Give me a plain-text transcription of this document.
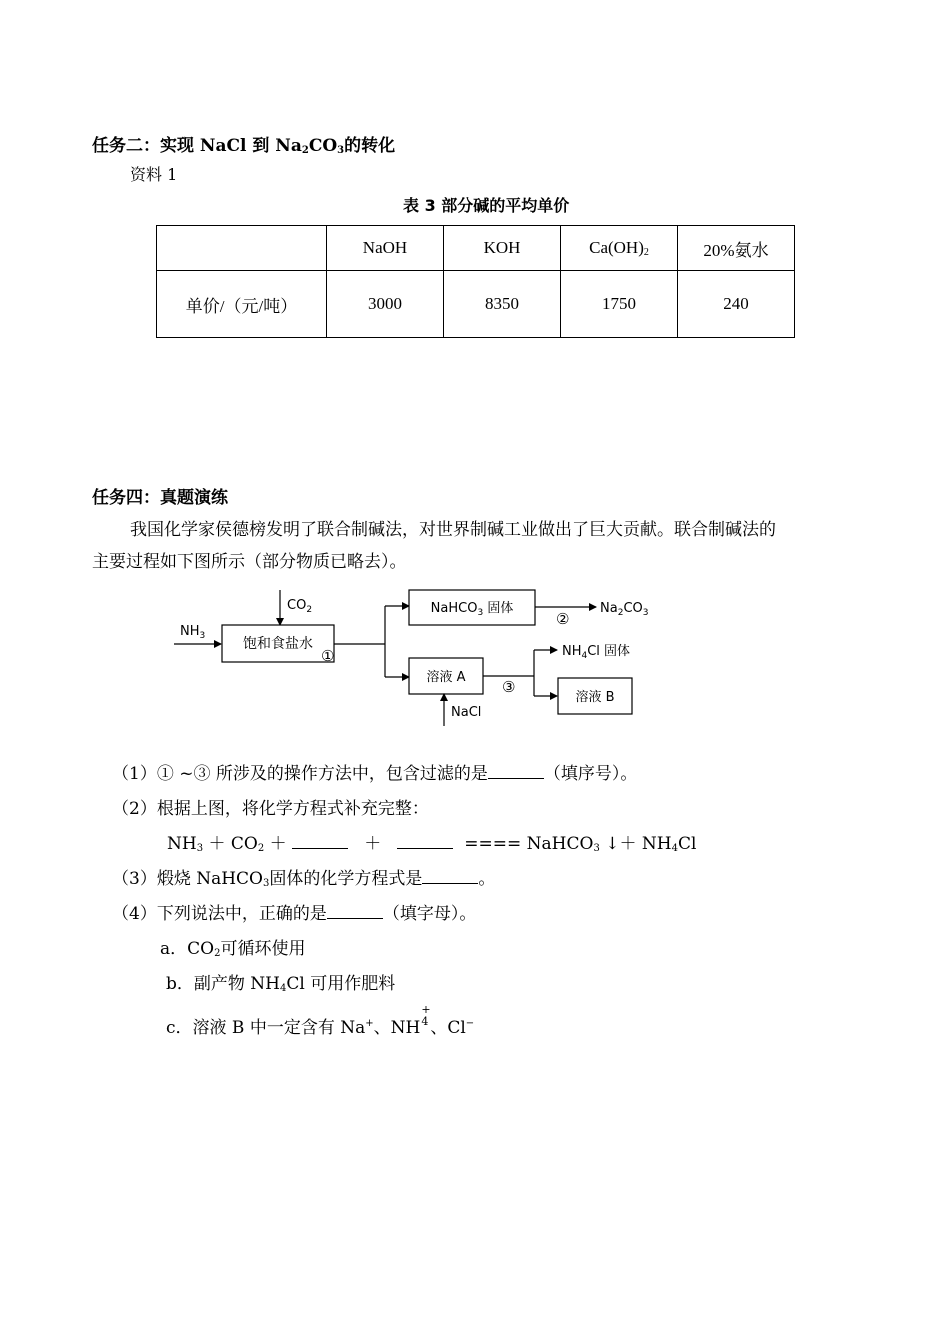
任务二：实现 NaCl 到 $Na_2CO_3$的转化
资料 1
表 3 部分碱的平均单价
	NaOH	KOH	$Ca(OH)_2$	20%氨水
单价/（元/吨）	3000	8350	1750	240
任务四：真题演练
我国化学家侯德榜发明了联合制碱法，对世界制碱工业做出了巨大贡献。联合制碱法的
主要过程如下图所示（部分物质已略去）。
$NH_3$
$CO_2$
饱和食盐水
①
NaHCO$_3$ 固体
②
$Na_2CO_3$
溶液 A
NaCl
③
$NH_4Cl$ 固体
溶液 B
（1）① ~③ 所涉及的操作方法中，包含过滤的是	（填序号）。
（2）根据上图，将化学方程式补充完整：
$NH_3 + CO_2$ ＋	＋	==== NaHCO$_3$ ↓＋ $NH_4Cl$
（3）煅烧 NaHCO$_3$固体的化学方程式是	。
（4）下列说法中，正确的是	（填字母）。
a．$CO_2$可循环使用
b．副产物 $NH_4Cl$ 可用作肥料
c．溶液 B 中一定含有 Na+、NH
+
4 、Cl−
